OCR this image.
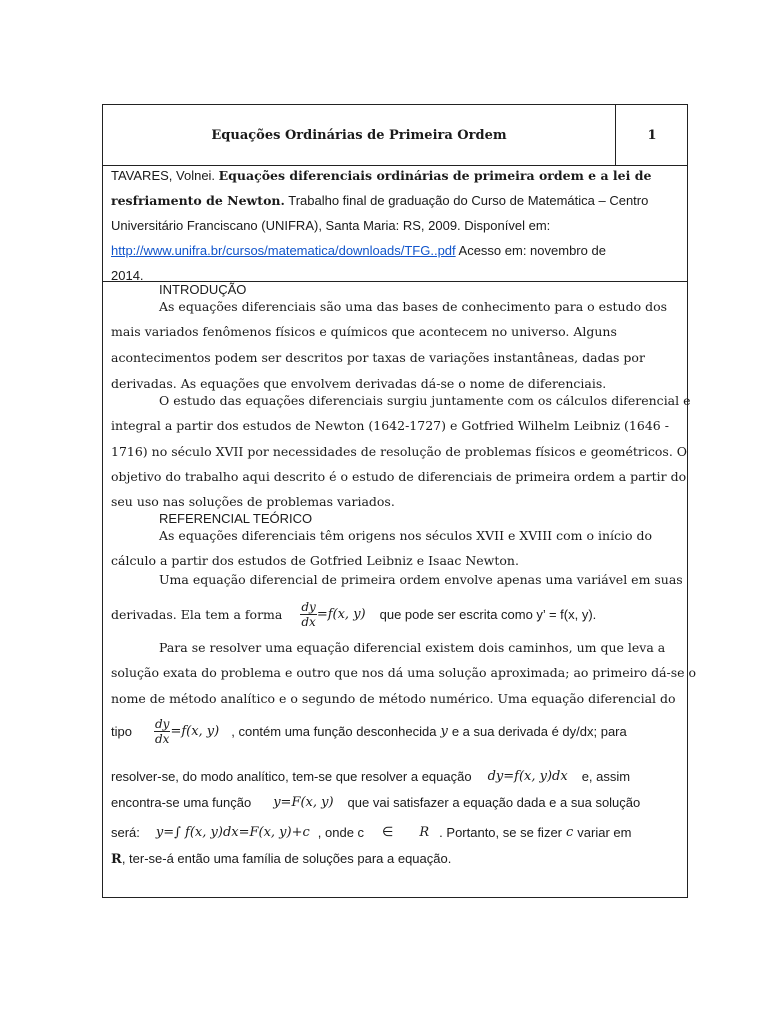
Equações Ordinárias de Primeira Ordem	1
TAVARES, Volnei. Equações diferenciais ordinárias de primeira ordem e a lei de
resfriamento de Newton. Trabalho final de graduação do Curso de Matemática – Centro
Universitário Franciscano (UNIFRA), Santa Maria: RS, 2009. Disponível em:
http://www.unifra.br/cursos/matematica/downloads/TFG..pdf Acesso em: novembro de
2014.
INTRODUÇÃO
As equações diferenciais são uma das bases de conhecimento para o estudo dos
mais variados fenômenos físicos e químicos que acontecem no universo. Alguns
acontecimentos podem ser descritos por taxas de variações instantâneas, dadas por
derivadas. As equações que envolvem derivadas dá-se o nome de diferenciais.
O estudo das equações diferenciais surgiu juntamente com os cálculos diferencial e
integral a partir dos estudos de Newton (1642-1727) e Gotfried Wilhelm Leibniz (1646 -
1716) no século XVII por necessidades de resolução de problemas físicos e geométricos. O
objetivo do trabalho aqui descrito é o estudo de diferenciais de primeira ordem a partir do
seu uso nas soluções de problemas variados.
REFERENCIAL TEÓRICO
As equações diferenciais têm origens nos séculos XVII e XVIII com o início do
cálculo a partir dos estudos de Gotfried Leibniz e Isaac Newton.
Uma equação diferencial de primeira ordem envolve apenas uma variável em suas
derivadas. Ela tem a forma $\frac{dy}{dx} =f(x$, y) que pode ser escrita como y’ = f(x, y).
Para se resolver uma equação diferencial existem dois caminhos, um que leva a
solução exata do problema e outro que nos dá uma solução aproximada; ao primeiro dá-se o
nome de método analítico e o segundo de método numérico. Uma equação diferencial do
tipo $\frac{dy}{dx} =f(x$, y) , contém uma função desconhecida y e a sua derivada é dy/dx; para
resolver-se, do modo analítico, tem-se que resolver a equação dy=f(x, y)dx e, assim
encontra-se uma função y=F(x, y) que vai satisfazer a equação dada e a sua solução
será: y=∫ f(x, y)dx=F(x, y)+c , onde c ∈ R . Portanto, se se fizer c variar em
R, ter-se-á então uma família de soluções para a equação.
